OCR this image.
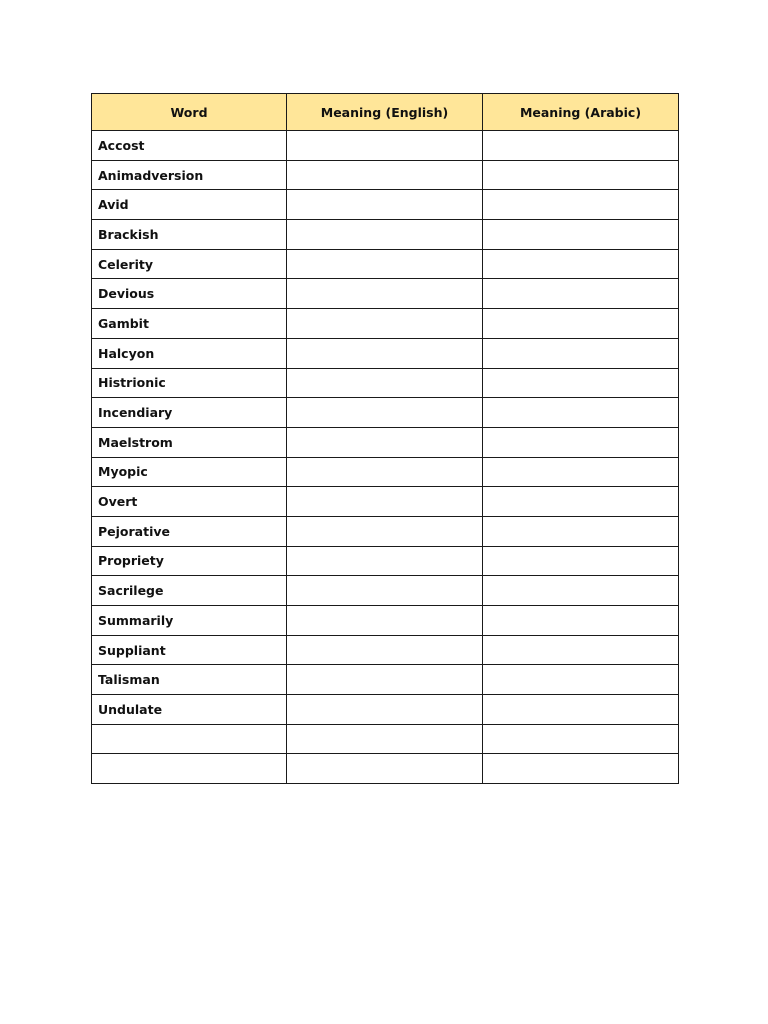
Word	Meaning (English)	Meaning (Arabic)
Accost		
Animadversion		
Avid		
Brackish		
Celerity		
Devious		
Gambit		
Halcyon		
Histrionic		
Incendiary		
Maelstrom		
Myopic		
Overt		
Pejorative		
Propriety		
Sacrilege		
Summarily		
Suppliant		
Talisman		
Undulate		
